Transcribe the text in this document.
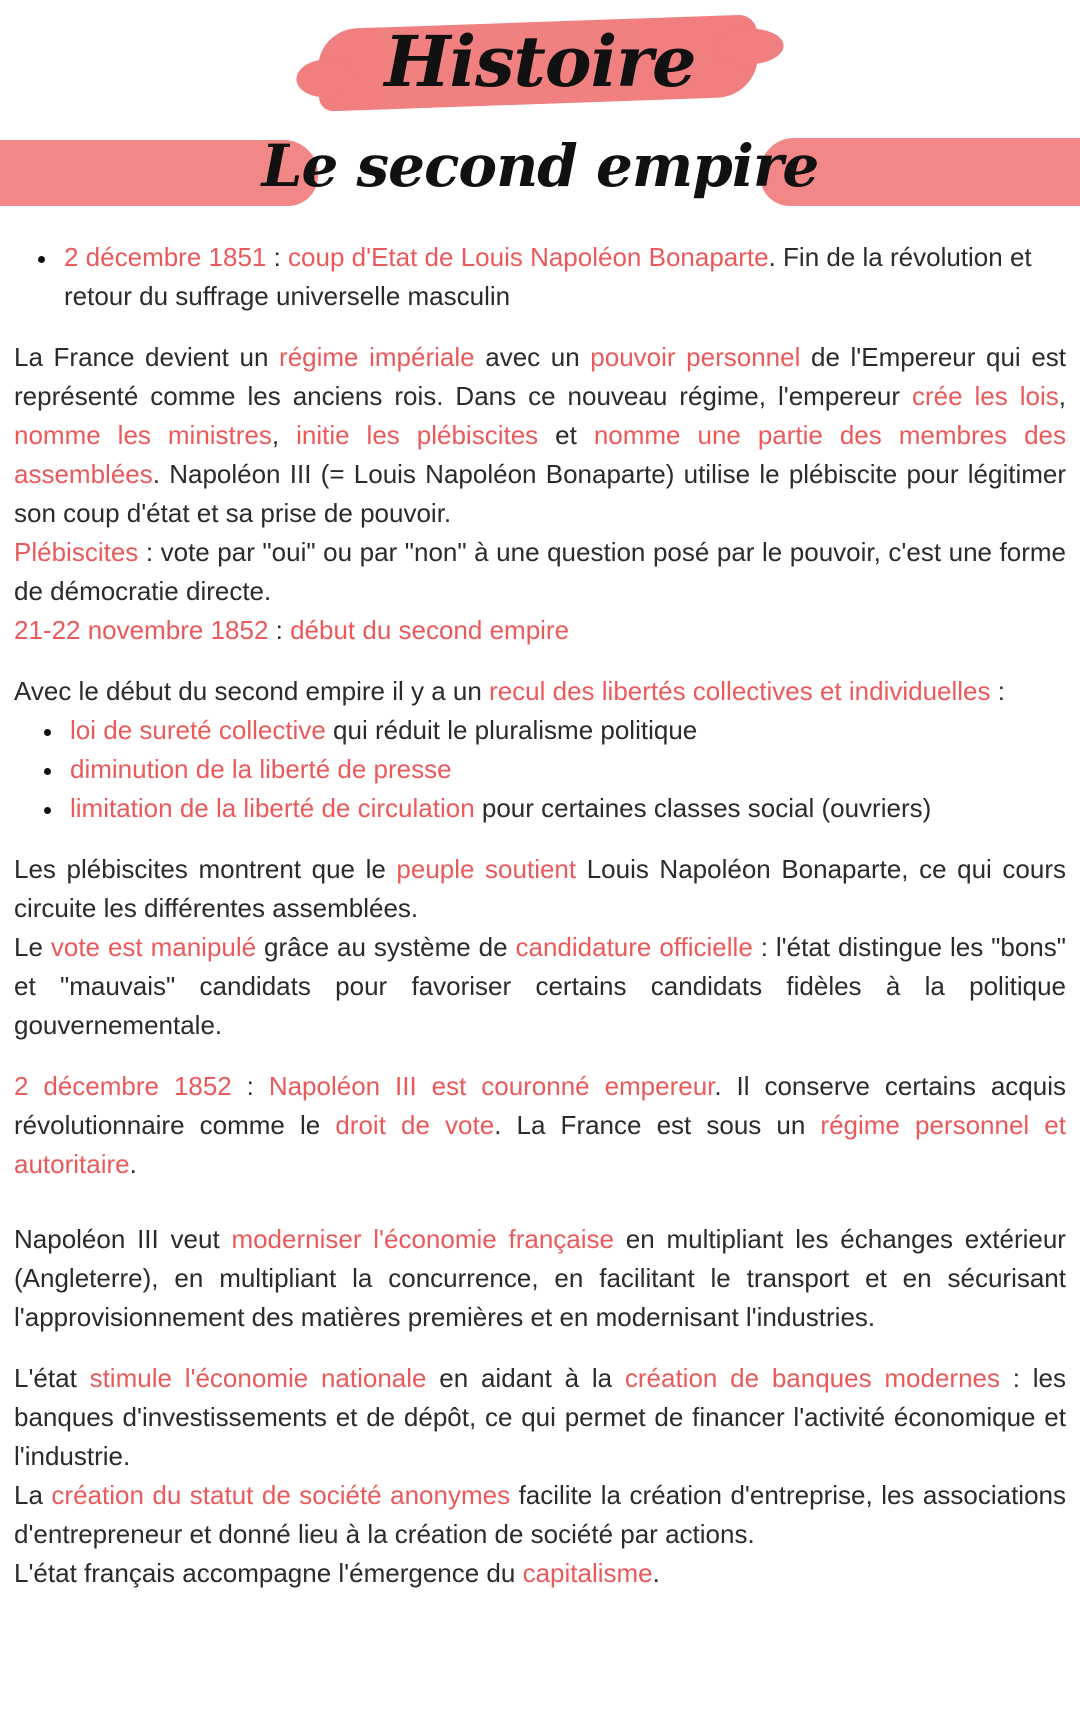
Histoire
Le second empire
• 2 décembre 1851 : coup d'Etat de Louis Napoléon Bonaparte. Fin de la révolution et retour du suffrage universelle masculin

La France devient un régime impériale avec un pouvoir personnel de l'Empereur qui est représenté comme les anciens rois. Dans ce nouveau régime, l'empereur crée les lois, nomme les ministres, initie les plébiscites et nomme une partie des membres des assemblées. Napoléon III (= Louis Napoléon Bonaparte) utilise le plébiscite pour légitimer son coup d'état et sa prise de pouvoir.

Plébiscites : vote par "oui" ou par "non" à une question posé par le pouvoir, c'est une forme de démocratie directe.

21-22 novembre 1852 : début du second empire

Avec le début du second empire il y a un recul des libertés collectives et individuelles :

• loi de sureté collective qui réduit le pluralisme politique
• diminution de la liberté de presse
• limitation de la liberté de circulation pour certaines classes social (ouvriers)

Les plébiscites montrent que le peuple soutient Louis Napoléon Bonaparte, ce qui cours circuite les différentes assemblées.

Le vote est manipulé grâce au système de candidature officielle : l'état distingue les "bons" et "mauvais" candidats pour favoriser certains candidats fidèles à la politique gouvernementale.

2 décembre 1852 : Napoléon III est couronné empereur. Il conserve certains acquis révolutionnaire comme le droit de vote. La France est sous un régime personnel et autoritaire.

Napoléon III veut moderniser l'économie française en multipliant les échanges extérieur (Angleterre), en multipliant la concurrence, en facilitant le transport et en sécurisant l'approvisionnement des matières premières et en modernisant l'industries.

L'état stimule l'économie nationale en aidant à la création de banques modernes : les banques d'investissements et de dépôt, ce qui permet de financer l'activité économique et l'industrie.

La création du statut de société anonymes facilite la création d'entreprise, les associations d'entrepreneur et donné lieu à la création de société par actions.

L'état français accompagne l'émergence du capitalisme.
